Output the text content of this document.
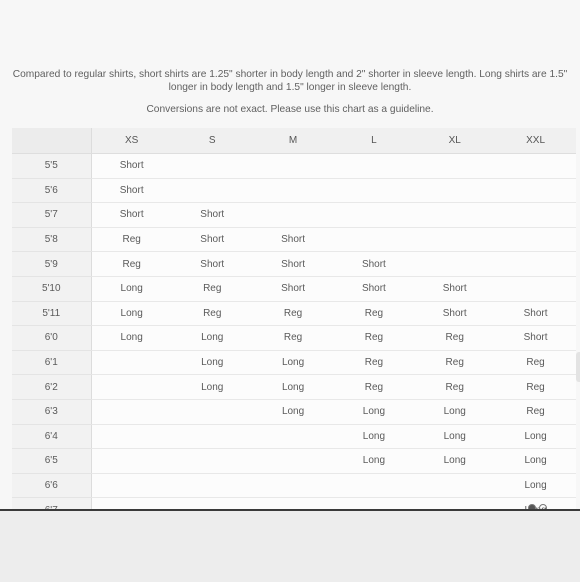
Compared to regular shirts, short shirts are 1.25" shorter in body length and 2" shorter in sleeve length. Long shirts are 1.5" longer in body length and 1.5" longer in sleeve length.

Conversions are not exact. Please use this chart as a guideline.

	XS	S	M	L	XL	XXL
5'5	Short					
5'6	Short					
5'7	Short	Short				
5'8	Reg	Short	Short			
5'9	Reg	Short	Short	Short		
5'10	Long	Reg	Short	Short	Short	
5'11	Long	Reg	Reg	Reg	Short	Short
6'0	Long	Long	Reg	Reg	Reg	Short
6'1		Long	Long	Reg	Reg	Reg
6'2		Long	Long	Reg	Reg	Reg
6'3			Long	Long	Long	Reg
6'4				Long	Long	Long
6'5				Long	Long	Long
6'6						Long
